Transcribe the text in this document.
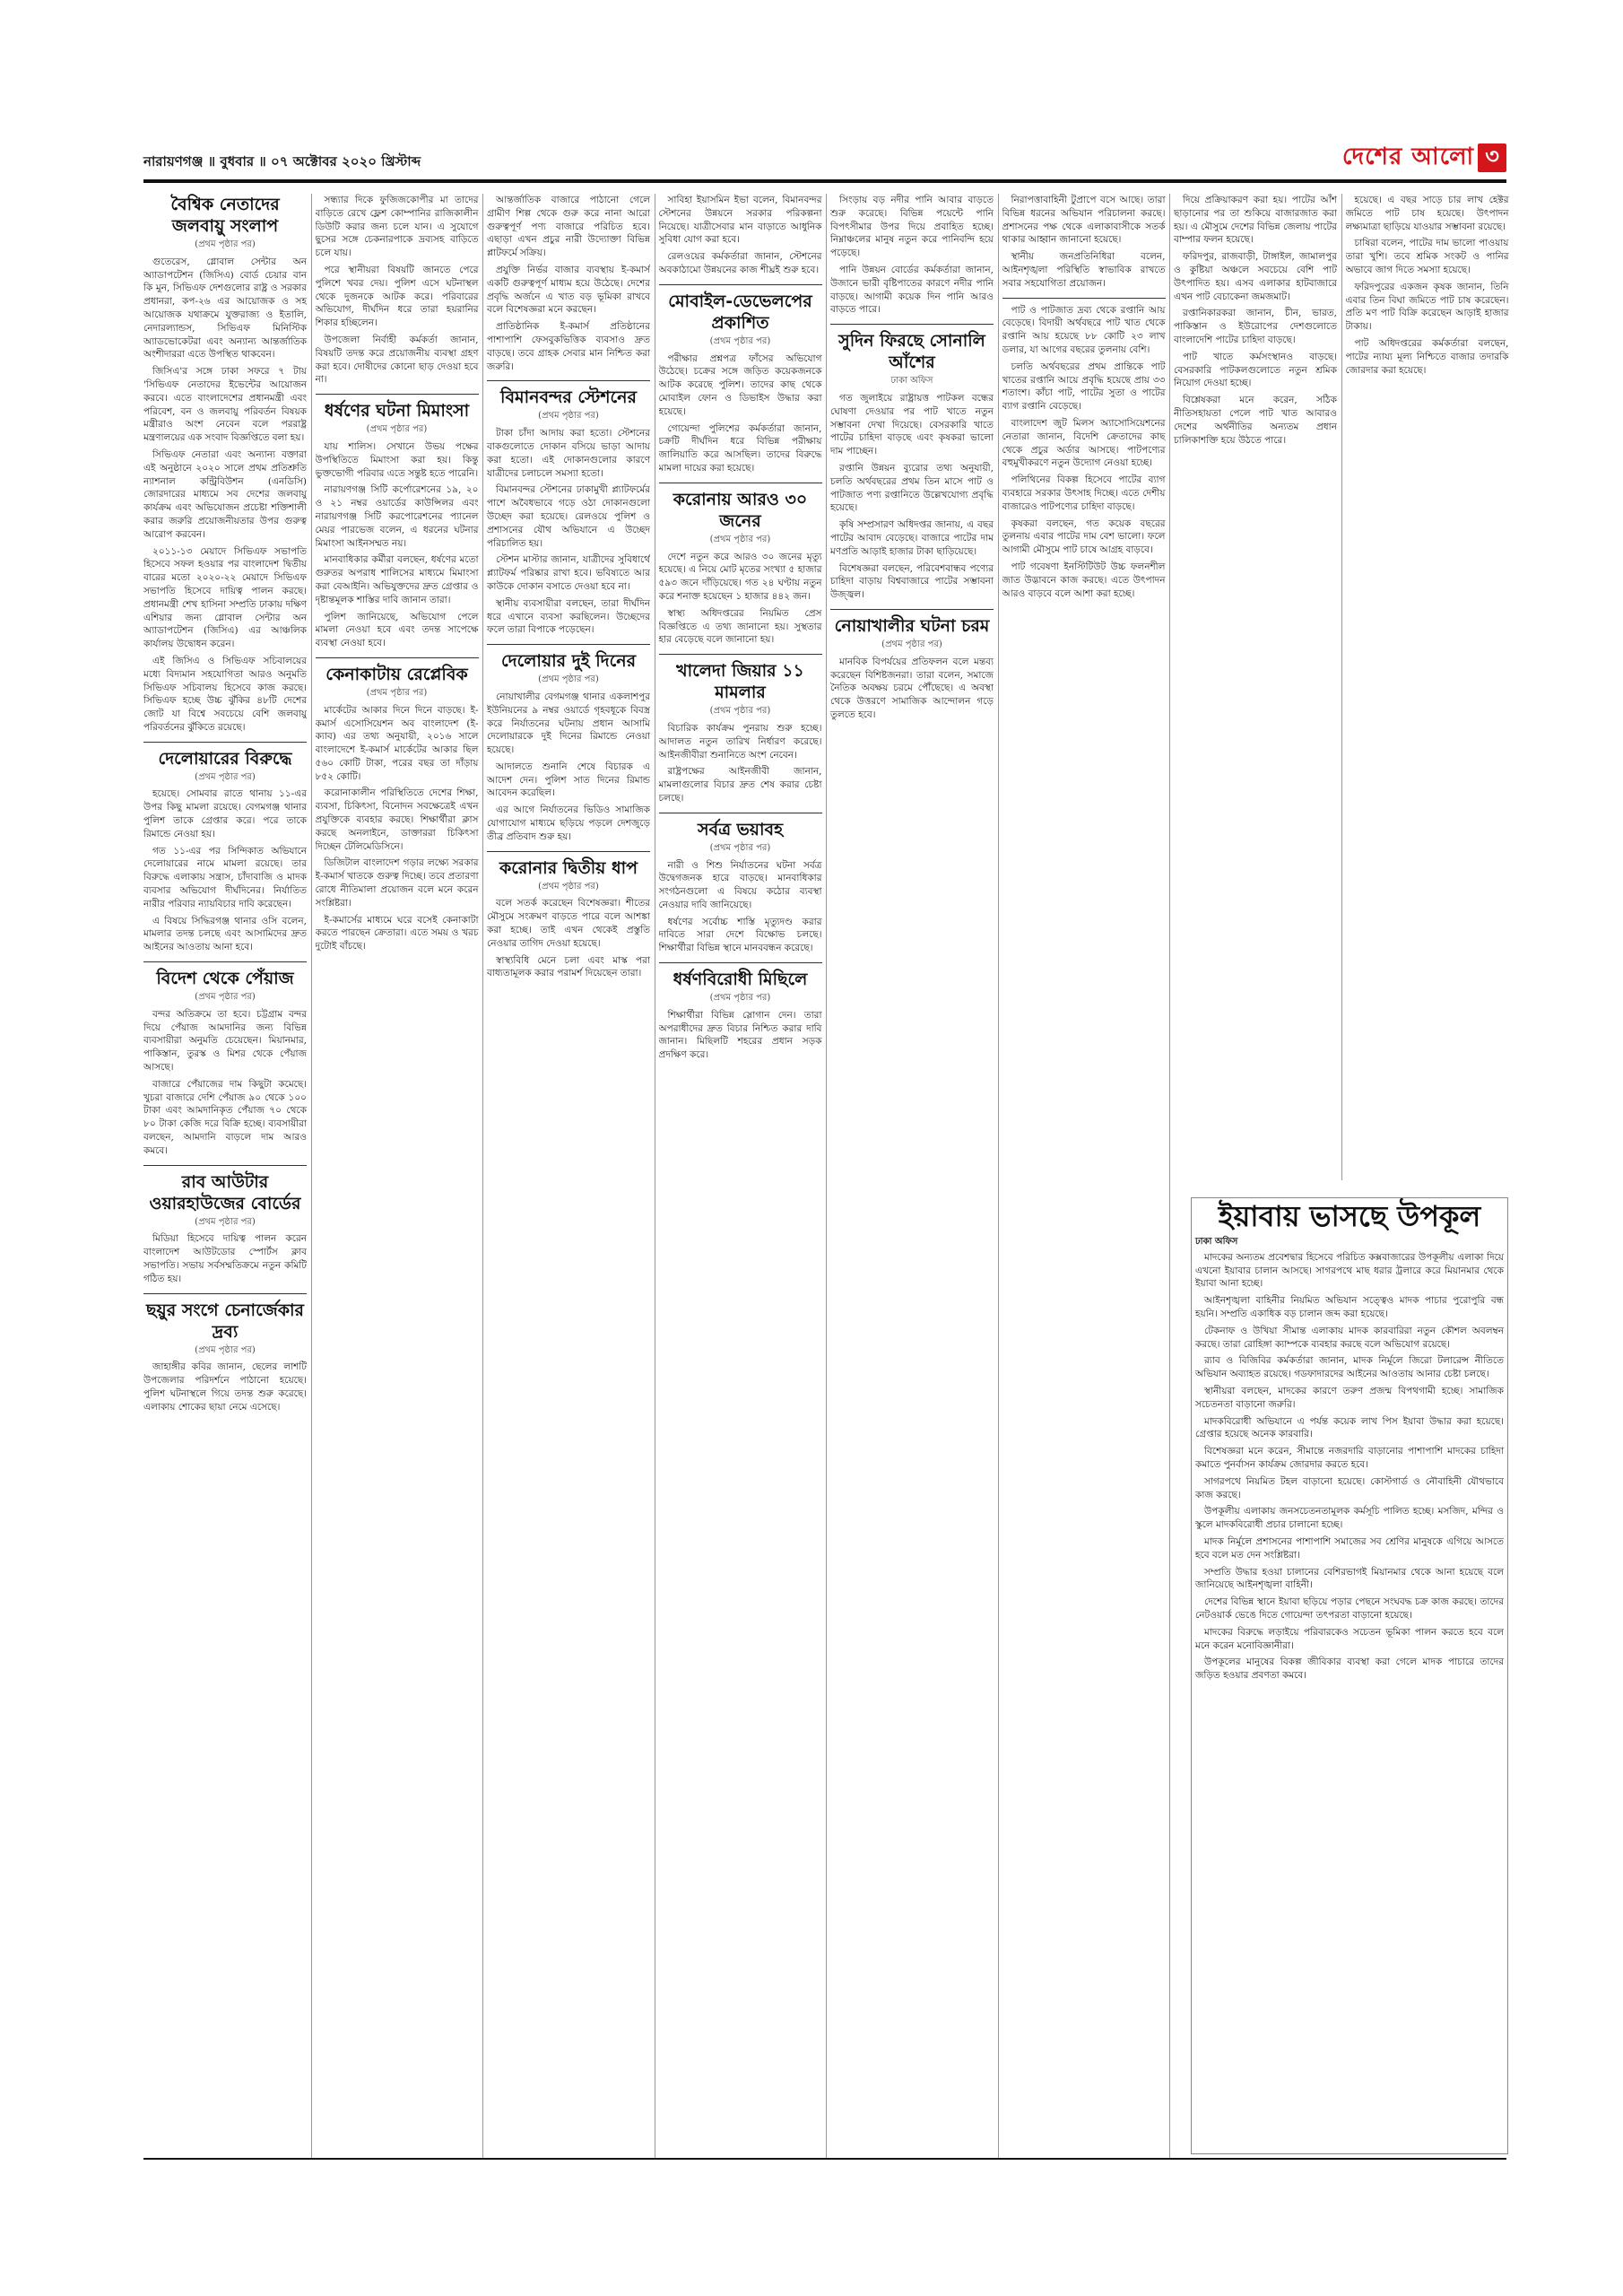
নারায়ণগঞ্জ ॥ বুধবার ॥ ০৭ অক্টোবর ২০২০ খ্রিস্টাব্দ	দেশের আলো ৩
বৈশ্বিক নেতাদের জলবায়ু সংলাপ
(প্রথম পৃষ্ঠার পর)

গুতেরেস, গ্লোবাল সেন্টার অন অ্যাডাপটেশন (জিসিএ) বোর্ড চেয়ার বান কি মুন, সিভিএফ দেশগুলোর রাষ্ট্র ও সরকার প্রধানরা, কপ-২৬ এর আয়োজক ও সহ আয়োজক যথাক্রমে যুক্তরাজ্য ও ইতালি, নেদারল্যান্ডস, সিভিএফ মিনিস্টিক অ্যাডভোকেটরা এবং অন্যান্য আন্তর্জাতিক অংশীদাররা এতে উপস্থিত থাকবেন।

জিসিএ'র সঙ্গে ঢাকা সফরে ৭ টায় 'সিভিএফ নেতাদের ইভেন্টের আয়োজন করবে। এতে বাংলাদেশের প্রধানমন্ত্রী এবং পরিবেশ, বন ও জলবায়ু পরিবর্তন বিষয়ক মন্ত্রীরাও অংশ নেবেন বলে পররাষ্ট্র মন্ত্রণালয়ের এক সংবাদ বিজ্ঞপ্তিতে বলা হয়।

সিভিএফ নেতারা এবং অন্যান্য বক্তারা এই অনুষ্ঠানে ২০২০ সালে প্রথম প্রতিশ্রুতি ন্যাশনাল কন্ট্রিবিউশন (এনডিসি) জোরদারের মাধ্যমে সব দেশের জলবায়ু কার্যক্রম এবং অভিযোজন প্রচেষ্টা শক্তিশালী করার জরুরি প্রয়োজনীয়তার উপর গুরুত্ব আরোপ করবেন।

২০১১-১৩ মেয়াদে সিভিএফ সভাপতি হিসেবে সফল হওয়ার পর বাংলাদেশ দ্বিতীয় বারের মতো ২০২০-২২ মেয়াদে সিভিএফ সভাপতি হিসেবে দায়িত্ব পালন করছে। প্রধানমন্ত্রী শেখ হাসিনা সম্প্রতি ঢাকায় দক্ষিণ এশিয়ার জন্য গ্লোবাল সেন্টার অন অ্যাডাপটেশন (জিসিএ) এর আঞ্চলিক কার্যালয় উদ্বোধন করেন।

এই জিসিএ ও সিভিএফ সচিবালয়ের মধ্যে বিদ্যমান সহযোগিতা আরও অনুমতি সিভিএফ সচিবালয় হিসেবে কাজ করছে। সিভিএফ হচ্ছে উচ্চ ঝুঁকির ৪৮টি দেশের জোট যা বিশ্বে সবচেয়ে বেশি জলবায়ু পরিবর্তনের ঝুঁকিতে রয়েছে।

দেলোয়ারের বিরুদ্ধে
(প্রথম পৃষ্ঠার পর)

হয়েছে। সোমবার রাতে থানায় ১১-এর উপর কিছু মামলা রয়েছে। বেগমগঞ্জ থানার পুলিশ তাকে গ্রেপ্তার করে। পরে তাকে রিমান্ডে নেওয়া হয়।

গত ১১-এর পর সিন্দিকাত অভিযানে দেলোয়ারের নামে মামলা রয়েছে। তার বিরুদ্ধে এলাকায় সন্ত্রাস, চাঁদাবাজি ও মাদক ব্যবসার অভিযোগ দীর্ঘদিনের। নির্যাতিত নারীর পরিবার ন্যায়বিচার দাবি করেছেন।

এ বিষয়ে সিদ্ধিরগঞ্জ থানার ওসি বলেন, মামলার তদন্ত চলছে এবং আসামিদের দ্রুত আইনের আওতায় আনা হবে।

বিদেশ থেকে পেঁয়াজ
(প্রথম পৃষ্ঠার পর)

বন্দর অতিক্রমে তা হবে। চট্টগ্রাম বন্দর দিয়ে পেঁয়াজ আমদানির জন্য বিভিন্ন ব্যবসায়ীরা অনুমতি চেয়েছেন। মিয়ানমার, পাকিস্তান, তুরস্ক ও মিশর থেকে পেঁয়াজ আসছে।

বাজারে পেঁয়াজের দাম কিছুটা কমেছে। খুচরা বাজারে দেশি পেঁয়াজ ৯০ থেকে ১০০ টাকা এবং আমদানিকৃত পেঁয়াজ ৭০ থেকে ৮০ টাকা কেজি দরে বিক্রি হচ্ছে। ব্যবসায়ীরা বলছেন, আমদানি বাড়লে দাম আরও কমবে।

রাব আউটার ওয়ারহাউজের বোর্ডের
(প্রথম পৃষ্ঠার পর)

মিডিয়া হিসেবে দায়িত্ব পালন করেন বাংলাদেশ আউটডোর স্পোর্টস ক্লাব সভাপতি। সভায় সর্বসম্মতিক্রমে নতুন কমিটি গঠিত হয়।

ছয়ুর সংগে চেনার্জেকার দ্রব্য
(প্রথম পৃষ্ঠার পর)

জাহাঙ্গীর কবির জানান, ছেলের লাশটি উপজেলার পরিদর্শনে পাঠানো হয়েছে। পুলিশ ঘটনাস্থলে গিয়ে তদন্ত শুরু করেছে। এলাকায় শোকের ছায়া নেমে এসেছে।

সন্ধ্যার দিকে ফুজিজকোপীর মা তাদের বাড়িতে রেখে ফ্লেশ কোম্পানির রাজিকালীন ডিউটি করার জন্য চলে যান। এ সুযোগে ছুসের সঙ্গে চেকনারপাকে দ্রব্যসহ বাড়িতে চলে যায়।

পরে স্থানীয়রা বিষয়টি জানতে পেরে পুলিশে খবর দেয়। পুলিশ এসে ঘটনাস্থল থেকে দুজনকে আটক করে। পরিবারের অভিযোগ, দীর্ঘদিন ধরে তারা হয়রানির শিকার হচ্ছিলেন।

উপজেলা নির্বাহী কর্মকর্তা জানান, বিষয়টি তদন্ত করে প্রয়োজনীয় ব্যবস্থা গ্রহণ করা হবে। দোষীদের কোনো ছাড় দেওয়া হবে না।

ধর্ষণের ঘটনা মিমাংসা
(প্রথম পৃষ্ঠার পর)

যায় শালিস। সেখানে উভয় পক্ষের উপস্থিতিতে মিমাংসা করা হয়। কিন্তু ভুক্তভোগী পরিবার এতে সন্তুষ্ট হতে পারেনি।

নারায়ণগঞ্জ সিটি কর্পোরেশনের ১৯, ২০ ও ২১ নম্বর ওয়ার্ডের কাউন্সিলর এবং নারায়ণগঞ্জ সিটি করপোরেশনের প্যানেল মেয়র পারভেজ বলেন, এ ধরনের ঘটনার মিমাংসা আইনসম্মত নয়।

মানবাধিকার কর্মীরা বলছেন, ধর্ষণের মতো গুরুতর অপরাধ শালিসের মাধ্যমে মিমাংসা করা বেআইনি। অভিযুক্তদের দ্রুত গ্রেপ্তার ও দৃষ্টান্তমূলক শাস্তির দাবি জানান তারা।

পুলিশ জানিয়েছে, অভিযোগ পেলে মামলা নেওয়া হবে এবং তদন্ত সাপেক্ষে ব্যবস্থা নেওয়া হবে।

কেনাকাটায় রেপ্লেবিক
(প্রথম পৃষ্ঠার পর)

মার্কেটের আকার দিনে দিনে বাড়ছে। ই-কমার্স এসোসিয়েশন অব বাংলাদেশ (ই-ক্যাব) এর তথ্য অনুযায়ী, ২০১৬ সালে বাংলাদেশে ই-কমার্স মার্কেটের আকার ছিল ৫৬০ কোটি টাকা, পরের বছর তা দাঁড়ায় ৮৫২ কোটি।

করোনাকালীন পরিস্থিতিতে দেশের শিক্ষা, ব্যবসা, চিকিৎসা, বিনোদন সবক্ষেত্রেই এখন প্রযুক্তিকে ব্যবহার করছে। শিক্ষার্থীরা ক্লাস করছে অনলাইনে, ডাক্তাররা চিকিৎসা দিচ্ছেন টেলিমেডিসিনে।

ডিজিটাল বাংলাদেশ গড়ার লক্ষ্যে সরকার ই-কমার্স খাতকে গুরুত্ব দিচ্ছে। তবে প্রতারণা রোধে নীতিমালা প্রয়োজন বলে মনে করেন সংশ্লিষ্টরা।

ই-কমার্সের মাধ্যমে ঘরে বসেই কেনাকাটা করতে পারছেন ক্রেতারা। এতে সময় ও খরচ দুটোই বাঁচছে।

আন্তর্জাতিক বাজারে পাঠানো গেলে গ্রামীণ শিল্প থেকে গুরু করে নানা আরো গুরুত্বপূর্ণ পণ্য বাজারে পরিচিত হবে। এছাড়া এখন প্রচুর নারী উদ্যোক্তা বিভিন্ন প্লাটফর্মে সক্রিয়।

প্রযুক্তি নির্ভর বাজার ব্যবস্থায় ই-কমার্স একটি গুরুত্বপূর্ণ মাধ্যম হয়ে উঠেছে। দেশের প্রবৃদ্ধি অর্জনে এ খাত বড় ভূমিকা রাখবে বলে বিশেষজ্ঞরা মনে করছেন।

প্রাতিষ্ঠানিক ই-কমার্স প্রতিষ্ঠানের পাশাপাশি ফেসবুকভিত্তিক ব্যবসাও দ্রুত বাড়ছে। তবে গ্রাহক সেবার মান নিশ্চিত করা জরুরি।

বিমানবন্দর স্টেশনের
(প্রথম পৃষ্ঠার পর)

টাকা চাঁদা আদায় করা হতো। স্টেশনের বাকগুলোতে দোকান বসিয়ে ভাড়া আদায় করা হতো। এই দোকানগুলোর কারণে যাত্রীদের চলাচলে সমস্যা হতো।

বিমানবন্দর স্টেশনের ঢাকামুখী প্ল্যাটফর্মের পাশে অবৈধভাবে গড়ে ওঠা দোকানগুলো উচ্ছেদ করা হয়েছে। রেলওয়ে পুলিশ ও প্রশাসনের যৌথ অভিযানে এ উচ্ছেদ পরিচালিত হয়।

স্টেশন মাস্টার জানান, যাত্রীদের সুবিধার্থে প্ল্যাটফর্ম পরিষ্কার রাখা হবে। ভবিষ্যতে আর কাউকে দোকান বসাতে দেওয়া হবে না।

স্থানীয় ব্যবসায়ীরা বলছেন, তারা দীর্ঘদিন ধরে এখানে ব্যবসা করছিলেন। উচ্ছেদের ফলে তারা বিপাকে পড়েছেন।

দেলোয়ার দুই দিনের
(প্রথম পৃষ্ঠার পর)

নোয়াখালীর বেগমগঞ্জ থানার একলাশপুর ইউনিয়নের ৯ নম্বর ওয়ার্ডে গৃহবধূকে বিবস্ত্র করে নির্যাতনের ঘটনায় প্রধান আসামি দেলোয়ারকে দুই দিনের রিমান্ডে নেওয়া হয়েছে।

আদালতে শুনানি শেষে বিচারক এ আদেশ দেন। পুলিশ সাত দিনের রিমান্ড আবেদন করেছিল।

এর আগে নির্যাতনের ভিডিও সামাজিক যোগাযোগ মাধ্যমে ছড়িয়ে পড়লে দেশজুড়ে তীব্র প্রতিবাদ শুরু হয়।

করোনার দ্বিতীয় ধাপ
(প্রথম পৃষ্ঠার পর)

বলে সতর্ক করেছেন বিশেষজ্ঞরা। শীতের মৌসুমে সংক্রমণ বাড়তে পারে বলে আশঙ্কা করা হচ্ছে। তাই এখন থেকেই প্রস্তুতি নেওয়ার তাগিদ দেওয়া হয়েছে।

স্বাস্থ্যবিধি মেনে চলা এবং মাস্ক পরা বাধ্যতামূলক করার পরামর্শ দিয়েছেন তারা।

সাবিহা ইয়াসমিন ইভা বলেন, বিমানবন্দর স্টেশনের উন্নয়নে সরকার পরিকল্পনা নিয়েছে। যাত্রীসেবার মান বাড়াতে আধুনিক সুবিধা যোগ করা হবে।

রেলওয়ের কর্মকর্তারা জানান, স্টেশনের অবকাঠামো উন্নয়নের কাজ শীঘ্রই শুরু হবে।

মোবাইল-ডেভেলপের প্রকাশিত
(প্রথম পৃষ্ঠার পর)

পরীক্ষার প্রশ্নপত্র ফাঁসের অভিযোগ উঠেছে। চক্রের সঙ্গে জড়িত কয়েকজনকে আটক করেছে পুলিশ। তাদের কাছ থেকে মোবাইল ফোন ও ডিভাইস উদ্ধার করা হয়েছে।

গোয়েন্দা পুলিশের কর্মকর্তারা জানান, চক্রটি দীর্ঘদিন ধরে বিভিন্ন পরীক্ষায় জালিয়াতি করে আসছিল। তাদের বিরুদ্ধে মামলা দায়ের করা হয়েছে।

করোনায় আরও ৩০ জনের
(প্রথম পৃষ্ঠার পর)

দেশে নতুন করে আরও ৩০ জনের মৃত্যু হয়েছে। এ নিয়ে মোট মৃতের সংখ্যা ৫ হাজার ৫৯৩ জনে দাঁড়িয়েছে। গত ২৪ ঘণ্টায় নতুন করে শনাক্ত হয়েছেন ১ হাজার ৪৪২ জন।

স্বাস্থ্য অধিদপ্তরের নিয়মিত প্রেস বিজ্ঞপ্তিতে এ তথ্য জানানো হয়। সুস্থতার হার বেড়েছে বলে জানানো হয়।

খালেদা জিয়ার ১১ মামলার
(প্রথম পৃষ্ঠার পর)

বিচারিক কার্যক্রম পুনরায় শুরু হচ্ছে। আদালত নতুন তারিখ নির্ধারণ করেছে। আইনজীবীরা শুনানিতে অংশ নেবেন।

রাষ্ট্রপক্ষের আইনজীবী জানান, মামলাগুলোর বিচার দ্রুত শেষ করার চেষ্টা চলছে।

সর্বত্র ভয়াবহ
(প্রথম পৃষ্ঠার পর)

নারী ও শিশু নির্যাতনের ঘটনা সর্বত্র উদ্বেগজনক হারে বাড়ছে। মানবাধিকার সংগঠনগুলো এ বিষয়ে কঠোর ব্যবস্থা নেওয়ার দাবি জানিয়েছে।

ধর্ষণের সর্বোচ্চ শাস্তি মৃত্যুদণ্ড করার দাবিতে সারা দেশে বিক্ষোভ চলছে। শিক্ষার্থীরা বিভিন্ন স্থানে মানববন্ধন করেছে।

ধর্ষণবিরোধী মিছিলে
(প্রথম পৃষ্ঠার পর)

শিক্ষার্থীরা বিভিন্ন স্লোগান দেন। তারা অপরাধীদের দ্রুত বিচার নিশ্চিত করার দাবি জানান। মিছিলটি শহরের প্রধান সড়ক প্রদক্ষিণ করে।

সিংড়ায় বড় নদীর পানি আবার বাড়তে শুরু করেছে। বিভিন্ন পয়েন্টে পানি বিপৎসীমার উপর দিয়ে প্রবাহিত হচ্ছে। নিম্নাঞ্চলের মানুষ নতুন করে পানিবন্দি হয়ে পড়েছে।

পানি উন্নয়ন বোর্ডের কর্মকর্তারা জানান, উজানে ভারী বৃষ্টিপাতের কারণে নদীর পানি বাড়ছে। আগামী কয়েক দিন পানি আরও বাড়তে পারে।

সুদিন ফিরছে সোনালি আঁশের
ঢাকা অফিস

গত জুলাইয়ে রাষ্ট্রায়ত্ত পাটকল বন্ধের ঘোষণা দেওয়ার পর পাট খাতে নতুন সম্ভাবনা দেখা দিয়েছে। বেসরকারি খাতে পাটের চাহিদা বাড়ছে এবং কৃষকরা ভালো দাম পাচ্ছেন।

রপ্তানি উন্নয়ন ব্যুরোর তথ্য অনুযায়ী, চলতি অর্থবছরের প্রথম তিন মাসে পাট ও পাটজাত পণ্য রপ্তানিতে উল্লেখযোগ্য প্রবৃদ্ধি হয়েছে।

কৃষি সম্প্রসারণ অধিদপ্তর জানায়, এ বছর পাটের আবাদ বেড়েছে। বাজারে পাটের দাম মণপ্রতি আড়াই হাজার টাকা ছাড়িয়েছে।

বিশেষজ্ঞরা বলছেন, পরিবেশবান্ধব পণ্যের চাহিদা বাড়ায় বিশ্ববাজারে পাটের সম্ভাবনা উজ্জ্বল।

নোয়াখালীর ঘটনা চরম
(প্রথম পৃষ্ঠার পর)

মানবিক বিপর্যয়ের প্রতিফলন বলে মন্তব্য করেছেন বিশিষ্টজনরা। তারা বলেন, সমাজে নৈতিক অবক্ষয় চরমে পৌঁছেছে। এ অবস্থা থেকে উত্তরণে সামাজিক আন্দোলন গড়ে তুলতে হবে।

নিরাপত্তাবাহিনী টুপ্রাপে বসে আছে। তারা বিভিন্ন ধরনের অভিযান পরিচালনা করছে। প্রশাসনের পক্ষ থেকে এলাকাবাসীকে সতর্ক থাকার আহ্বান জানানো হয়েছে।

স্থানীয় জনপ্রতিনিধিরা বলেন, আইনশৃঙ্খলা পরিস্থিতি স্বাভাবিক রাখতে সবার সহযোগিতা প্রয়োজন।

পাট ও পাটজাত দ্রব্য থেকে রপ্তানি আয় বেড়েছে। বিদায়ী অর্থবছরে পাট খাত থেকে রপ্তানি আয় হয়েছে ৮৮ কোটি ২৩ লাখ ডলার, যা আগের বছরের তুলনায় বেশি।

চলতি অর্থবছরের প্রথম প্রান্তিকে পাট খাতের রপ্তানি আয়ে প্রবৃদ্ধি হয়েছে প্রায় ৩৩ শতাংশ। কাঁচা পাট, পাটের সুতা ও পাটের ব্যাগ রপ্তানি বেড়েছে।

বাংলাদেশ জুট মিলস অ্যাসোসিয়েশনের নেতারা জানান, বিদেশি ক্রেতাদের কাছ থেকে প্রচুর অর্ডার আসছে। পাটপণ্যের বহুমুখীকরণে নতুন উদ্যোগ নেওয়া হচ্ছে।

পলিথিনের বিকল্প হিসেবে পাটের ব্যাগ ব্যবহারে সরকার উৎসাহ দিচ্ছে। এতে দেশীয় বাজারেও পাটপণ্যের চাহিদা বাড়ছে।

কৃষকরা বলছেন, গত কয়েক বছরের তুলনায় এবার পাটের দাম বেশ ভালো। ফলে আগামী মৌসুমে পাট চাষে আগ্রহ বাড়বে।

পাট গবেষণা ইনস্টিটিউট উচ্চ ফলনশীল জাত উদ্ভাবনে কাজ করছে। এতে উৎপাদন আরও বাড়বে বলে আশা করা হচ্ছে।

দিয়ে প্রক্রিয়াকরণ করা হয়। পাটের আঁশ ছাড়ানোর পর তা শুকিয়ে বাজারজাত করা হয়। এ মৌসুমে দেশের বিভিন্ন জেলায় পাটের বাম্পার ফলন হয়েছে।

ফরিদপুর, রাজবাড়ী, টাঙ্গাইল, জামালপুর ও কুষ্টিয়া অঞ্চলে সবচেয়ে বেশি পাট উৎপাদিত হয়। এসব এলাকার হাটবাজারে এখন পাট বেচাকেনা জমজমাট।

রপ্তানিকারকরা জানান, চীন, ভারত, পাকিস্তান ও ইউরোপের দেশগুলোতে বাংলাদেশি পাটের চাহিদা বাড়ছে।

পাট খাতে কর্মসংস্থানও বাড়ছে। বেসরকারি পাটকলগুলোতে নতুন শ্রমিক নিয়োগ দেওয়া হচ্ছে।

বিশ্লেষকরা মনে করেন, সঠিক নীতিসহায়তা পেলে পাট খাত আবারও দেশের অর্থনীতির অন্যতম প্রধান চালিকাশক্তি হয়ে উঠতে পারে।

হয়েছে। এ বছর সাড়ে চার লাখ হেক্টর জমিতে পাট চাষ হয়েছে। উৎপাদন লক্ষ্যমাত্রা ছাড়িয়ে যাওয়ার সম্ভাবনা রয়েছে।

চাষিরা বলেন, পাটের দাম ভালো পাওয়ায় তারা খুশি। তবে শ্রমিক সংকট ও পানির অভাবে জাগ দিতে সমস্যা হয়েছে।

ফরিদপুরের একজন কৃষক জানান, তিনি এবার তিন বিঘা জমিতে পাট চাষ করেছেন। প্রতি মণ পাট বিক্রি করেছেন আড়াই হাজার টাকায়।

পাট অধিদপ্তরের কর্মকর্তারা বলছেন, পাটের ন্যায্য মূল্য নিশ্চিতে বাজার তদারকি জোরদার করা হয়েছে।

ইয়াবায় ভাসছে উপকূল
ঢাকা অফিস

মাদকের অন্যতম প্রবেশদ্বার হিসেবে পরিচিত কক্সবাজারের উপকূলীয় এলাকা দিয়ে এখনো ইয়াবার চালান আসছে। সাগরপথে মাছ ধরার ট্রলারে করে মিয়ানমার থেকে ইয়াবা আনা হচ্ছে।

আইনশৃঙ্খলা বাহিনীর নিয়মিত অভিযান সত্ত্বেও মাদক পাচার পুরোপুরি বন্ধ হয়নি। সম্প্রতি একাধিক বড় চালান জব্দ করা হয়েছে।

টেকনাফ ও উখিয়া সীমান্ত এলাকায় মাদক কারবারিরা নতুন কৌশল অবলম্বন করছে। তারা রোহিঙ্গা ক্যাম্পকে ব্যবহার করছে বলে অভিযোগ রয়েছে।

র‌্যাব ও বিজিবির কর্মকর্তারা জানান, মাদক নির্মূলে জিরো টলারেন্স নীতিতে অভিযান অব্যাহত রয়েছে। গডফাদারদের আইনের আওতায় আনার চেষ্টা চলছে।

স্থানীয়রা বলছেন, মাদকের কারণে তরুণ প্রজন্ম বিপথগামী হচ্ছে। সামাজিক সচেতনতা বাড়ানো জরুরি।

মাদকবিরোধী অভিযানে এ পর্যন্ত কয়েক লাখ পিস ইয়াবা উদ্ধার করা হয়েছে। গ্রেপ্তার হয়েছে অনেক কারবারি।

বিশেষজ্ঞরা মনে করেন, সীমান্তে নজরদারি বাড়ানোর পাশাপাশি মাদকের চাহিদা কমাতে পুনর্বাসন কার্যক্রম জোরদার করতে হবে।

সাগরপথে নিয়মিত টহল বাড়ানো হয়েছে। কোস্টগার্ড ও নৌবাহিনী যৌথভাবে কাজ করছে।

উপকূলীয় এলাকায় জনসচেতনতামূলক কর্মসূচি পালিত হচ্ছে। মসজিদ, মন্দির ও স্কুলে মাদকবিরোধী প্রচার চালানো হচ্ছে।

মাদক নির্মূলে প্রশাসনের পাশাপাশি সমাজের সব শ্রেণির মানুষকে এগিয়ে আসতে হবে বলে মত দেন সংশ্লিষ্টরা।

সম্প্রতি উদ্ধার হওয়া চালানের বেশিরভাগই মিয়ানমার থেকে আনা হয়েছে বলে জানিয়েছে আইনশৃঙ্খলা বাহিনী।

দেশের বিভিন্ন স্থানে ইয়াবা ছড়িয়ে পড়ার পেছনে সংঘবদ্ধ চক্র কাজ করছে। তাদের নেটওয়ার্ক ভেঙে দিতে গোয়েন্দা তৎপরতা বাড়ানো হয়েছে।

মাদকের বিরুদ্ধে লড়াইয়ে পরিবারকেও সচেতন ভূমিকা পালন করতে হবে বলে মনে করেন মনোবিজ্ঞানীরা।

উপকূলের মানুষের বিকল্প জীবিকার ব্যবস্থা করা গেলে মাদক পাচারে তাদের জড়িত হওয়ার প্রবণতা কমবে।
